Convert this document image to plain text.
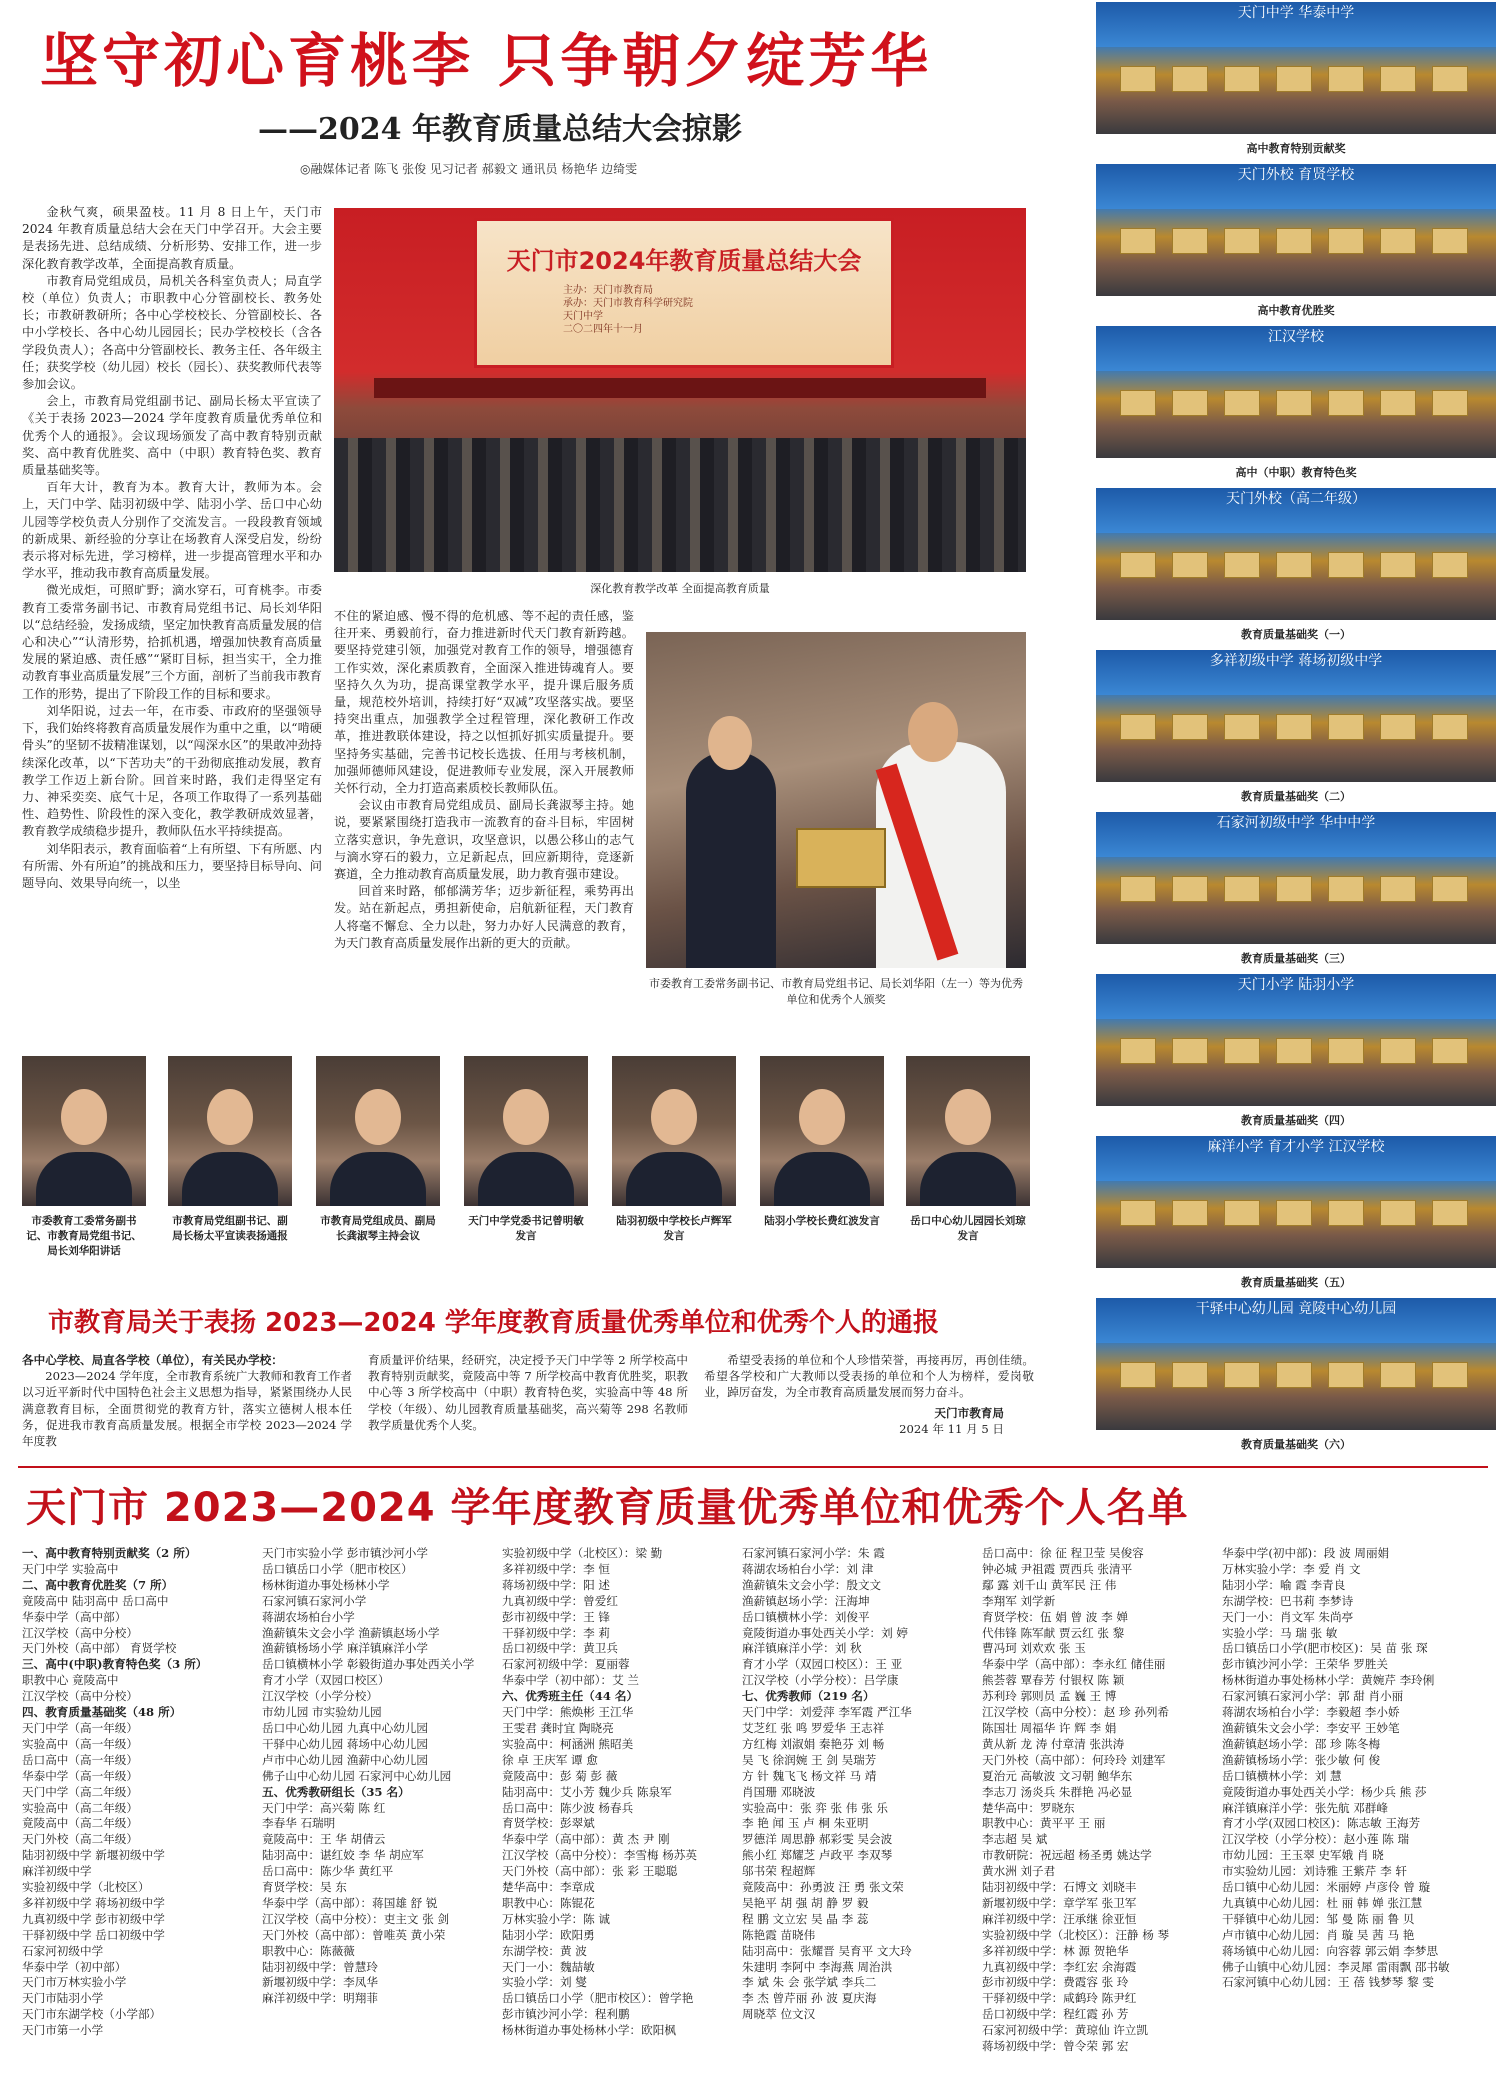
坚守初心育桃李 只争朝夕绽芳华
——2024 年教育质量总结大会掠影
◎融媒体记者 陈飞 张俊 见习记者 郝毅文 通讯员 杨艳华 边绮雯

金秋气爽，硕果盈枝。11 月 8 日上午，天门市 2024 年教育质量总结大会在天门中学召开。大会主要是表扬先进、总结成绩、分析形势、安排工作，进一步深化教育教学改革，全面提高教育质量。

市教育局党组成员，局机关各科室负责人；局直学校（单位）负责人；市职教中心分管副校长、教务处长；市教研教研所；各中心学校校长、分管副校长、各中小学校长、各中心幼儿园园长；民办学校校长（含各学段负责人）；各高中分管副校长、教务主任、各年级主任；获奖学校（幼儿园）校长（园长）、获奖教师代表等参加会议。

会上，市教育局党组副书记、副局长杨太平宣读了《关于表扬 2023—2024 学年度教育质量优秀单位和优秀个人的通报》。会议现场颁发了高中教育特别贡献奖、高中教育优胜奖、高中（中职）教育特色奖、教育质量基础奖等。

百年大计，教育为本。教育大计，教师为本。会上，天门中学、陆羽初级中学、陆羽小学、岳口中心幼儿园等学校负责人分别作了交流发言。一段段教育领域的新成果、新经验的分享让在场教育人深受启发，纷纷表示将对标先进，学习榜样，进一步提高管理水平和办学水平，推动我市教育高质量发展。

微光成炬，可照旷野；滴水穿石，可育桃李。市委教育工委常务副书记、市教育局党组书记、局长刘华阳以“总结经验，发扬成绩，坚定加快教育高质量发展的信心和决心”“认清形势，拾抓机遇，增强加快教育高质量发展的紧迫感、责任感”“紧盯目标，担当实干，全力推动教育事业高质量发展”三个方面，剖析了当前我市教育工作的形势，提出了下阶段工作的目标和要求。

刘华阳说，过去一年，在市委、市政府的坚强领导下，我们始终将教育高质量发展作为重中之重，以“啃硬骨头”的坚韧不拔精准谋划，以“闯深水区”的果敢冲劲持续深化改革，以“下苦功夫”的干劲彻底推动发展，教育教学工作迈上新台阶。回首来时路，我们走得坚定有力、神采奕奕、底气十足，各项工作取得了一系列基础性、趋势性、阶段性的深入变化，教学教研成效显著，教育教学成绩稳步提升，教师队伍水平持续提高。

刘华阳表示，教育面临着“上有所望、下有所愿、内有所需、外有所迫”的挑战和压力，要坚持目标导向、问题导向、效果导向统一，以坐

天门市2024年教育质量总结大会
主办：天门市教育局
承办：天门市教育科学研究院
天门中学
二〇二四年十一月
深化教育教学改革 全面提高教育质量

不住的紧迫感、慢不得的危机感、等不起的责任感，鉴往开来、勇毅前行，奋力推进新时代天门教育新跨越。要坚持党建引领，加强党对教育工作的领导，增强德育工作实效，深化素质教育，全面深入推进铸魂育人。要坚持久久为功，提高课堂教学水平，提升课后服务质量，规范校外培训，持续打好“双减”攻坚落实战。要坚持突出重点，加强教学全过程管理，深化教研工作改革，推进教联体建设，持之以恒抓好抓实质量提升。要坚持务实基础，完善书记校长选拔、任用与考核机制，加强师德师风建设，促进教师专业发展，深入开展教师关怀行动，全力打造高素质校长教师队伍。

会议由市教育局党组成员、副局长龚淑琴主持。她说，要紧紧围绕打造我市一流教育的奋斗目标，牢固树立落实意识，争先意识，攻坚意识，以愚公移山的志气与滴水穿石的毅力，立足新起点，回应新期待，竞逐新赛道，全力推动教育高质量发展，助力教育强市建设。

回首来时路，郁郁满芳华；迈步新征程，乘势再出发。站在新起点，勇担新使命，启航新征程，天门教育人将毫不懈怠、全力以赴，努力办好人民满意的教育，为天门教育高质量发展作出新的更大的贡献。

市委教育工委常务副书记、市教育局党组书记、局长刘华阳（左一）等为优秀单位和优秀个人颁奖
市委教育工委常务副书记、市教育局党组书记、局长刘华阳讲话
市教育局党组副书记、副局长杨太平宣读表扬通报
市教育局党组成员、副局长龚淑琴主持会议
天门中学党委书记曾明敏发言
陆羽初级中学校长卢辉军发言
陆羽小学校长费红波发言	岳口中心幼儿园园长刘琼发言
天门中学 华泰中学
高中教育特别贡献奖
天门外校 育贤学校
高中教育优胜奖
江汉学校
高中（中职）教育特色奖
天门外校（高二年级）
教育质量基础奖（一）
多祥初级中学 蒋场初级中学
教育质量基础奖（二）
石家河初级中学 华中中学
教育质量基础奖（三）
天门小学 陆羽小学
教育质量基础奖（四）
麻洋小学 育才小学 江汉学校
教育质量基础奖（五）
干驿中心幼儿园 竟陵中心幼儿园
教育质量基础奖（六）
市教育局关于表扬 2023—2024 学年度教育质量优秀单位和优秀个人的通报
各中心学校、局直各学校（单位），有关民办学校：

2023—2024 学年度，全市教育系统广大教师和教育工作者以习近平新时代中国特色社会主义思想为指导，紧紧围绕办人民满意教育目标，全面贯彻党的教育方针，落实立德树人根本任务，促进我市教育高质量发展。根据全市学校 2023—2024 学年度教

育质量评价结果，经研究，决定授予天门中学等 2 所学校高中教育特别贡献奖，竟陵高中等 7 所学校高中教育优胜奖，职教中心等 3 所学校高中（中职）教育特色奖，实验高中等 48 所学校（年级）、幼儿园教育质量基础奖，高兴菊等 298 名教师教学质量优秀个人奖。

希望受表扬的单位和个人珍惜荣誉，再接再厉，再创佳绩。希望各学校和广大教师以受表扬的单位和个人为榜样，爱岗敬业，踔厉奋发，为全市教育高质量发展而努力奋斗。

天门市教育局
2024 年 11 月 5 日
天门市 2023—2024 学年度教育质量优秀单位和优秀个人名单
一、高中教育特别贡献奖（2 所）
天门中学 实验高中
二、高中教育优胜奖（7 所）
竟陵高中 陆羽高中 岳口高中
华泰中学（高中部）
江汉学校（高中分校）
天门外校（高中部） 育贤学校
三、高中(中职)教育特色奖（3 所）
职教中心 竟陵高中
江汉学校（高中分校）
四、教育质量基础奖（48 所）
天门中学（高一年级）
实验高中（高一年级）
岳口高中（高一年级）
华泰中学（高一年级）
天门中学（高二年级）
实验高中（高二年级）
竟陵高中（高二年级）
天门外校（高二年级）
陆羽初级中学 新堰初级中学
麻洋初级中学
实验初级中学（北校区）
多祥初级中学 蒋场初级中学
九真初级中学 彭市初级中学
干驿初级中学 岳口初级中学
石家河初级中学
华泰中学（初中部）
天门市万林实验小学
天门市陆羽小学
天门市东湖学校（小学部）
天门市第一小学
天门市实验小学 彭市镇沙河小学
岳口镇岳口小学（肥市校区）
杨林街道办事处杨林小学
石家河镇石家河小学
蒋湖农场柏台小学
渔薪镇朱文会小学 渔薪镇赵场小学
渔薪镇杨场小学 麻洋镇麻洋小学
岳口镇横林小学 彰毅街道办事处西关小学
育才小学（双园口校区）
江汉学校（小学分校）
市幼儿园 市实验幼儿园
岳口中心幼儿园 九真中心幼儿园
干驿中心幼儿园 蒋场中心幼儿园
卢市中心幼儿园 渔薪中心幼儿园
佛子山中心幼儿园 石家河中心幼儿园
五、优秀教研组长（35 名）
天门中学：高兴菊 陈 红
李春华 石瑞明
竟陵高中：王 华 胡倩云
陆羽高中：谌红姣 李 华 胡应军
岳口高中：陈少华 黄红平
育贤学校：吴 东
华泰中学（高中部）：蒋国雄 舒 锐
江汉学校（高中分校）：吏主文 张 剑
天门外校（高中部）：曾唯英 黄小荣
职教中心：陈薇薇
陆羽初级中学：曾慧玲
新堰初级中学：李凤华
麻洋初级中学：明翔菲
实验初级中学（北校区）：梁 勤
多祥初级中学：李 恒
蒋场初级中学：阳 述
九真初级中学：曾爱红
彭市初级中学：王 锋
干驿初级中学：李 莉
岳口初级中学：黄卫兵
石家河初级中学：夏丽蓉
华泰中学（初中部）：艾 兰
六、优秀班主任（44 名）
天门中学：熊焕彬 王江华
王雯君 龚时宜 陶晓亮
实验高中：柯涵洲 熊昭美
徐 卓 王庆军 谭 愈
竟陵高中：彭 菊 彭 薇
陆羽高中：艾小芳 魏少兵 陈泉军
岳口高中：陈少波 杨春兵
育贤学校：彭翠斌
华泰中学（高中部）：黄 杰 尹 刚
江汉学校（高中分校）：李雪梅 杨苏英
天门外校（高中部）：张 彩 王聪聪
楚华高中：李章成
职教中心：陈锟花
万林实验小学：陈 诚
陆羽小学：欧阳勇
东湖学校：黄 波
天门一小：魏喆敏
实验小学：刘 燮
岳口镇岳口小学（肥市校区）：曾学艳
彭市镇沙河小学：程利鹏
杨林街道办事处杨林小学：欧阳枫
石家河镇石家河小学：朱 霞
蒋湖农场柏台小学：刘 津
渔薪镇朱文会小学：殷文文
渔薪镇赵场小学：汪海坤
岳口镇横林小学：刘俊平
竟陵街道办事处西关小学：刘 婷
麻洋镇麻洋小学：刘 秋
育才小学（双园口校区）：王 亚
江汉学校（小学分校）：吕学康
七、优秀教师（219 名）
天门中学：刘爱萍 李军霞 严江华
艾芝红 张 鸣 罗爱华 王志祥
方红梅 刘淑娟 秦艳芬 刘 畅
吴 飞 徐润婉 王 剑 吴瑞芳
方 针 魏飞飞 杨文祥 马 靖
肖国珊 邓晓波
实验高中：张 弈 张 伟 张 乐
李 艳 闻 玉 卢 桐 朱亚明
罗德洋 周思静 郝彩雯 吴会波
熊小红 郑耀芝 卢政平 李双琴
邬书荣 程超辉
竟陵高中：孙勇波 汪 勇 张文荣
吴艳平 胡 强 胡 静 罗 毅
程 鹏 文立宏 吴 晶 李 蕊
陈艳霞 苗晓伟
陆羽高中：张耀晋 吴育平 文大玲
朱建明 李阿中 李海燕 周治洪
李 斌 朱 会 张学斌 李兵二
李 杰 曾芹丽 孙 波 夏庆海
周晓萃 位文汉
岳口高中：徐 征 程卫莹 吴俊容
钟必城 尹祖霞 贾西兵 张清平
鄢 露 刘千山 黄军民 汪 伟
李翔军 刘学新
育贤学校：伍 娟 曾 波 李 婵
代伟锋 陈军献 贾云红 张 黎
曹冯珂 刘欢欢 张 玉
华泰中学（高中部）：李永红 储佳丽
熊荟蓉 覃春芳 付银权 陈 颖
苏利玲 郭则员 孟 巍 王 博
江汉学校（高中分校）：赵 珍 孙列希
陈国壮 周福华 许 辉 李 娟
黄从新 龙 涛 付章清 张洪涛
天门外校（高中部）：何玲玲 刘建军
夏治元 高敏波 文习朝 鲍华东
李志刀 汤炎兵 朱群艳 冯必显
楚华高中：罗晓东
职教中心：黄平平 王 丽
李志超 吴 斌
市教研院：祝远超 杨圣勇 姚达学
黄水洲 刘子君
陆羽初级中学：石博文 刘晓丰
新堰初级中学：章学军 张卫军
麻洋初级中学：汪承继 徐亚恒
实验初级中学（北校区）：汪静 杨 琴
多祥初级中学：林 源 贺艳华
九真初级中学：李红宏 余海霞
彭市初级中学：费霞容 张 玲
干驿初级中学：咸鹤玲 陈尹红
岳口初级中学：程红霞 孙 芳
石家河初级中学：黄琼仙 许立凯
蒋场初级中学：曾令荣 郭 宏
华泰中学(初中部)：段 波 周丽娟
万林实验小学：李 爱 肖 文
陆羽小学：喻 霞 李青良
东湖学校：巴书莉 李梦诗
天门一小：肖文军 朱尚亭
实验小学：马 瑞 张 敏
岳口镇岳口小学(肥市校区)：吴 苗 张 琛
彭市镇沙河小学：王荣华 罗胜关
杨林街道办事处杨林小学：黄婉芹 李玲俐
石家河镇石家河小学：郭 甜 肖小丽
蒋湖农场柏台小学：李毅超 李小娇
渔薪镇朱文会小学：李安平 王妙笔
渔薪镇赵场小学：邵 珍 陈冬梅
渔薪镇杨场小学：张少敏 何 俊
岳口镇横林小学：刘 慧
竟陵街道办事处西关小学：杨少兵 熊 莎
麻洋镇麻洋小学：张先航 邓群峰
育才小学(双园口校区)：陈志敏 王海芳
江汉学校（小学分校）：赵小莲 陈 瑞
市幼儿园：王玉翠 史军娥 肖 晓
市实验幼儿园：刘诗雅 王紫芹 李 轩
岳口镇中心幼儿园：米丽婷 卢彦伶 曾 璇
九真镇中心幼儿园：杜 丽 韩 婵 张江慧
干驿镇中心幼儿园：邹 曼 陈 丽 鲁 贝
卢市镇中心幼儿园：肖 璇 吴 茜 马 艳
蒋场镇中心幼儿园：向容蓉 郭云娟 李梦思
佛子山镇中心幼儿园：李灵犀 雷雨飘 邵书敏
石家河镇中心幼儿园：王 蓓 钱梦琴 黎 雯
